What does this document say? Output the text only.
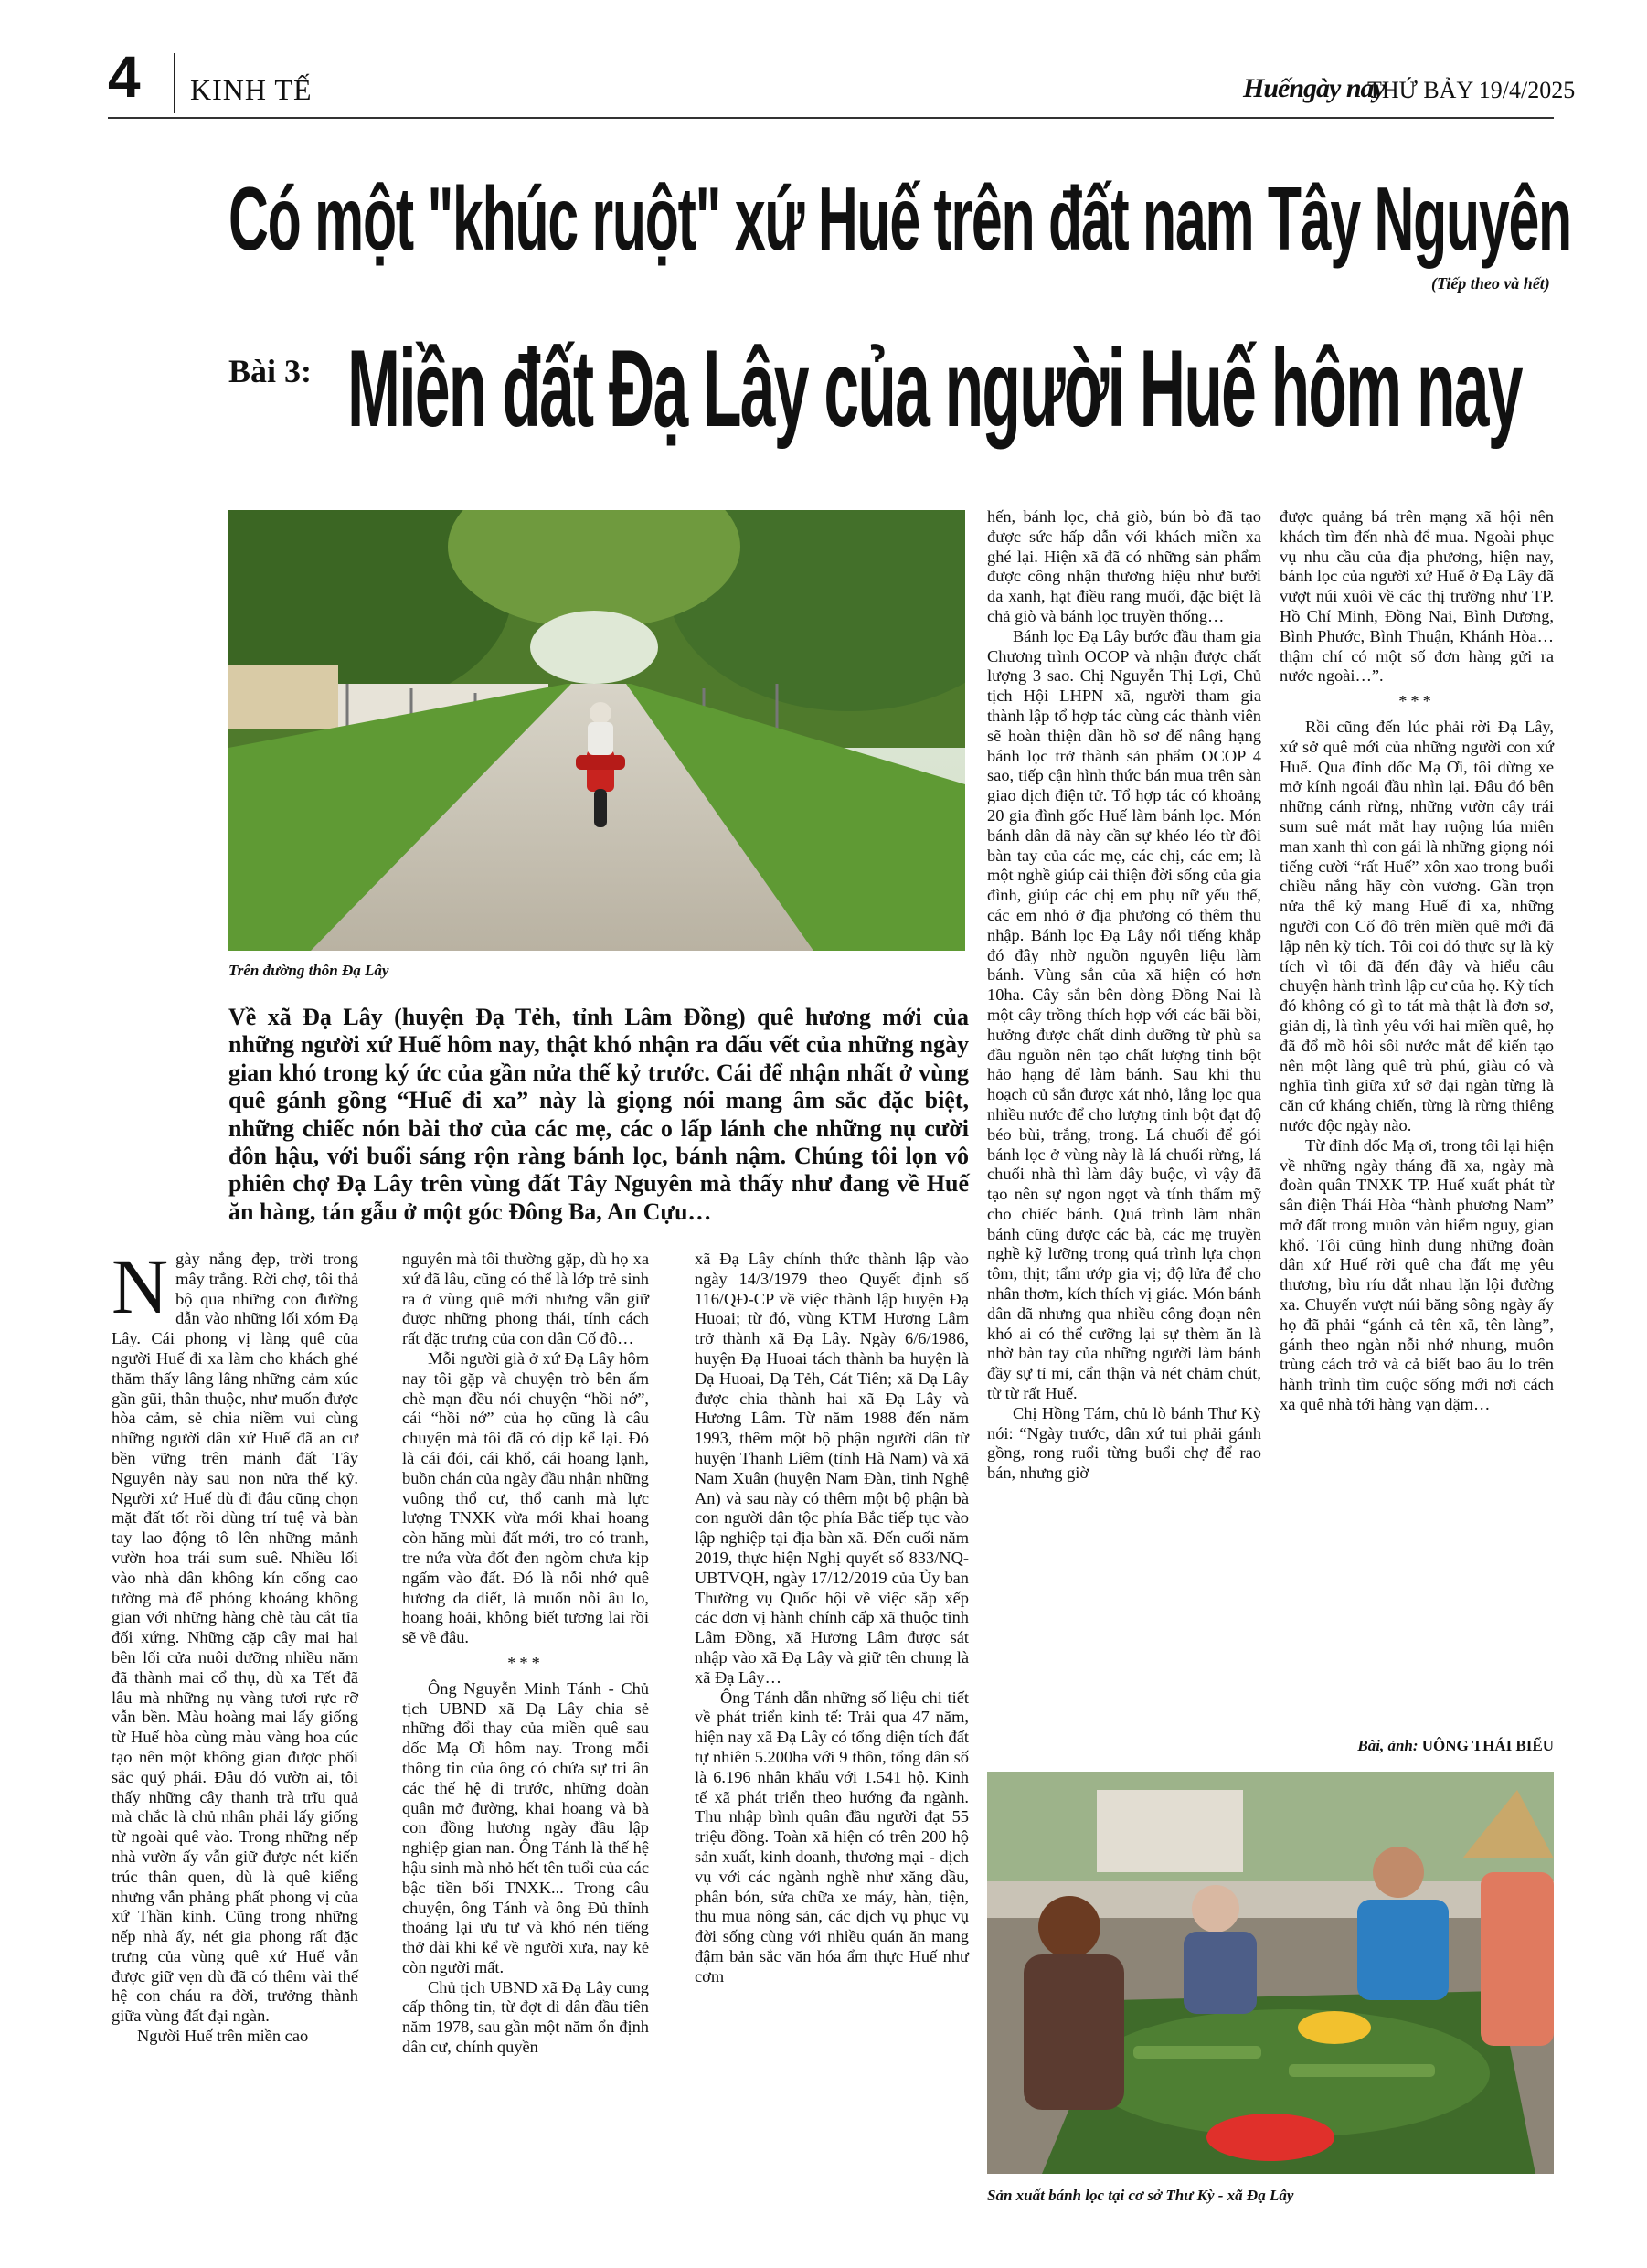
4 KINH TẾ	Huếngày nay
THỨ BẢY 19/4/2025
Có một "khúc ruột" xứ Huế trên đất nam Tây Nguyên
(Tiếp theo và hết)
Bài 3: Miền đất Đạ Lây của người Huế hôm nay
Trên đường thôn Đạ Lây
Về xã Đạ Lây (huyện Đạ Tẻh, tỉnh Lâm Đồng) quê hương mới của những người xứ Huế hôm nay, thật khó nhận ra dấu vết của những ngày gian khó trong ký ức của gần nửa thế kỷ trước. Cái để nhận nhất ở vùng quê gánh gồng “Huế đi xa” này là giọng nói mang âm sắc đặc biệt, những chiếc nón bài thơ của các mẹ, các o lấp lánh che những nụ cười đôn hậu, với buổi sáng rộn ràng bánh lọc, bánh nậm. Chúng tôi lọn vô phiên chợ Đạ Lây trên vùng đất Tây Nguyên mà thấy như đang về Huế ăn hàng, tán gẫu ở một góc Đông Ba, An Cựu…

Ngày nắng đẹp, trời trong mây trắng. Rời chợ, tôi thả bộ qua những con đường dẫn vào những lối xóm Đạ Lây. Cái phong vị làng quê của người Huế đi xa làm cho khách ghé thăm thấy lâng lâng những cảm xúc gần gũi, thân thuộc, như muốn được hòa cảm, sẻ chia niềm vui cùng những người dân xứ Huế đã an cư bền vững trên mảnh đất Tây Nguyên này sau non nửa thế kỷ. Người xứ Huế dù đi đâu cũng chọn mặt đất tốt rồi dùng trí tuệ và bàn tay lao động tô lên những mảnh vườn hoa trái sum suê. Nhiều lối vào nhà dân không kín cổng cao tường mà để phóng khoáng không gian với những hàng chè tàu cắt tỉa đối xứng. Những cặp cây mai hai bên lối cửa nuôi dưỡng nhiều năm đã thành mai cổ thụ, dù xa Tết đã lâu mà những nụ vàng tươi rực rỡ vẫn bền. Màu hoàng mai lấy giống từ Huế hòa cùng màu vàng hoa cúc tạo nên một không gian được phối sắc quý phái. Đâu đó vườn ai, tôi thấy những cây thanh trà trĩu quả mà chắc là chủ nhân phải lấy giống từ ngoài quê vào. Trong những nếp nhà vườn ấy vẫn giữ được nét kiến trúc thân quen, dù là quê kiểng nhưng vẫn phảng phất phong vị của xứ Thần kinh. Cũng trong những nếp nhà ấy, nét gia phong rất đặc trưng của vùng quê xứ Huế vẫn được giữ vẹn dù đã có thêm vài thế hệ con cháu ra đời, trưởng thành giữa vùng đất đại ngàn.

Người Huế trên miền cao

nguyên mà tôi thường gặp, dù họ xa xứ đã lâu, cũng có thể là lớp trẻ sinh ra ở vùng quê mới nhưng vẫn giữ được những phong thái, tính cách rất đặc trưng của con dân Cố đô…

Mỗi người già ở xứ Đạ Lây hôm nay tôi gặp và chuyện trò bên ấm chè mạn đều nói chuyện “hồi nớ”, cái “hồi nớ” của họ cũng là câu chuyện mà tôi đã có dịp kể lại. Đó là cái đói, cái khổ, cái hoang lạnh, buồn chán của ngày đầu nhận những vuông thổ cư, thổ canh mà lực lượng TNXK vừa mới khai hoang còn hăng mùi đất mới, tro có tranh, tre nứa vừa đốt đen ngòm chưa kịp ngấm vào đất. Đó là nỗi nhớ quê hương da diết, là muốn nỗi âu lo, hoang hoải, không biết tương lai rồi sẽ về đâu.

***

Ông Nguyễn Minh Tánh - Chủ tịch UBND xã Đạ Lây chia sẻ những đổi thay của miền quê sau dốc Mạ Ơi hôm nay. Trong mỗi thông tin của ông có chứa sự tri ân các thế hệ đi trước, những đoàn quân mở đường, khai hoang và bà con đồng hương ngày đầu lập nghiệp gian nan. Ông Tánh là thế hệ hậu sinh mà nhỏ hết tên tuổi của các bậc tiền bối TNXK... Trong câu chuyện, ông Tánh và ông Đủ thỉnh thoảng lại ưu tư và khó nén tiếng thở dài khi kể về người xưa, nay kẻ còn người mất.

Chủ tịch UBND xã Đạ Lây cung cấp thông tin, từ đợt di dân đầu tiên năm 1978, sau gần một năm ổn định dân cư, chính quyền

xã Đạ Lây chính thức thành lập vào ngày 14/3/1979 theo Quyết định số 116/QĐ-CP về việc thành lập huyện Đạ Huoai; từ đó, vùng KTM Hương Lâm trở thành xã Đạ Lây. Ngày 6/6/1986, huyện Đạ Huoai tách thành ba huyện là Đạ Huoai, Đạ Tẻh, Cát Tiên; xã Đạ Lây được chia thành hai xã Đạ Lây và Hương Lâm. Từ năm 1988 đến năm 1993, thêm một bộ phận người dân từ huyện Thanh Liêm (tỉnh Hà Nam) và xã Nam Xuân (huyện Nam Đàn, tỉnh Nghệ An) và sau này có thêm một bộ phận bà con người dân tộc phía Bắc tiếp tục vào lập nghiệp tại địa bàn xã. Đến cuối năm 2019, thực hiện Nghị quyết số 833/NQ-UBTVQH, ngày 17/12/2019 của Ủy ban Thường vụ Quốc hội về việc sắp xếp các đơn vị hành chính cấp xã thuộc tỉnh Lâm Đồng, xã Hương Lâm được sát nhập vào xã Đạ Lây và giữ tên chung là xã Đạ Lây…

Ông Tánh dẫn những số liệu chi tiết về phát triển kinh tế: Trải qua 47 năm, hiện nay xã Đạ Lây có tổng diện tích đất tự nhiên 5.200ha với 9 thôn, tổng dân số là 6.196 nhân khẩu với 1.541 hộ. Kinh tế xã phát triển theo hướng đa ngành. Thu nhập bình quân đầu người đạt 55 triệu đồng. Toàn xã hiện có trên 200 hộ sản xuất, kinh doanh, thương mại - dịch vụ với các ngành nghề như xăng dầu, phân bón, sửa chữa xe máy, hàn, tiện, thu mua nông sản, các dịch vụ phục vụ đời sống cùng với nhiều quán ăn mang đậm bản sắc văn hóa ẩm thực Huế như cơm

hến, bánh lọc, chả giò, bún bò đã tạo được sức hấp dẫn với khách miền xa ghé lại. Hiện xã đã có những sản phẩm được công nhận thương hiệu như bưởi da xanh, hạt điều rang muối, đặc biệt là chả giò và bánh lọc truyền thống…

Bánh lọc Đạ Lây bước đầu tham gia Chương trình OCOP và nhận được chất lượng 3 sao. Chị Nguyễn Thị Lợi, Chủ tịch Hội LHPN xã, người tham gia thành lập tổ hợp tác cùng các thành viên sẽ hoàn thiện dần hồ sơ để nâng hạng bánh lọc trở thành sản phẩm OCOP 4 sao, tiếp cận hình thức bán mua trên sàn giao dịch điện tử. Tổ hợp tác có khoảng 20 gia đình gốc Huế làm bánh lọc. Món bánh dân dã này cần sự khéo léo từ đôi bàn tay của các mẹ, các chị, các em; là một nghề giúp cải thiện đời sống của gia đình, giúp các chị em phụ nữ yếu thế, các em nhỏ ở địa phương có thêm thu nhập. Bánh lọc Đạ Lây nổi tiếng khắp đó đây nhờ nguồn nguyên liệu làm bánh. Vùng sắn của xã hiện có hơn 10ha. Cây sắn bên dòng Đồng Nai là một cây trồng thích hợp với các bãi bồi, hưởng được chất dinh dưỡng từ phù sa đầu nguồn nên tạo chất lượng tinh bột hảo hạng để làm bánh. Sau khi thu hoạch củ sắn được xát nhỏ, lắng lọc qua nhiều nước để cho lượng tinh bột đạt độ béo bùi, trắng, trong. Lá chuối để gói bánh lọc ở vùng này là lá chuối rừng, lá chuối nhà thì làm dây buộc, vì vậy đã tạo nên sự ngon ngọt và tính thẩm mỹ cho chiếc bánh. Quá trình làm nhân bánh cũng được các bà, các mẹ truyền nghề kỹ lưỡng trong quá trình lựa chọn tôm, thịt; tẩm ướp gia vị; độ lửa để cho nhân thơm, kích thích vị giác. Món bánh dân dã nhưng qua nhiều công đoạn nên khó ai có thể cưỡng lại sự thèm ăn là nhờ bàn tay của những người làm bánh đầy sự tỉ mỉ, cẩn thận và nét chăm chút, từ từ rất Huế.

Chị Hồng Tám, chủ lò bánh Thư Kỳ nói: “Ngày trước, dân xứ tui phải gánh gồng, rong ruổi từng buổi chợ để rao bán, nhưng giờ

được quảng bá trên mạng xã hội nên khách tìm đến nhà để mua. Ngoài phục vụ nhu cầu của địa phương, hiện nay, bánh lọc của người xứ Huế ở Đạ Lây đã vượt núi xuôi về các thị trường như TP. Hồ Chí Minh, Đồng Nai, Bình Dương, Bình Phước, Bình Thuận, Khánh Hòa… thậm chí có một số đơn hàng gửi ra nước ngoài…”.

***

Rồi cũng đến lúc phải rời Đạ Lây, xứ sở quê mới của những người con xứ Huế. Qua đỉnh dốc Mạ Ơi, tôi dừng xe mở kính ngoái đầu nhìn lại. Đâu đó bên những cánh rừng, những vườn cây trái sum suê mát mắt hay ruộng lúa miên man xanh thì con gái là những giọng nói tiếng cười “rất Huế” xôn xao trong buổi chiều nắng hãy còn vương. Gần trọn nửa thế kỷ mang Huế đi xa, những người con Cố đô trên miền quê mới đã lập nên kỳ tích. Tôi coi đó thực sự là kỳ tích vì tôi đã đến đây và hiểu câu chuyện hành trình lập cư của họ. Kỳ tích đó không có gì to tát mà thật là đơn sơ, giản dị, là tình yêu với hai miền quê, họ đã đổ mồ hôi sôi nước mắt để kiến tạo nên một làng quê trù phú, giàu có và nghĩa tình giữa xứ sở đại ngàn từng là căn cứ kháng chiến, từng là rừng thiêng nước độc ngày nào.

Từ đỉnh dốc Mạ ơi, trong tôi lại hiện về những ngày tháng đã xa, ngày mà đoàn quân TNXK TP. Huế xuất phát từ sân điện Thái Hòa “hành phương Nam” mở đất trong muôn vàn hiểm nguy, gian khổ. Tôi cũng hình dung những đoàn dân xứ Huế rời quê cha đất mẹ yêu thương, bìu ríu dắt nhau lặn lội đường xa. Chuyến vượt núi băng sông ngày ấy họ đã phải “gánh cả tên xã, tên làng”, gánh theo ngàn nỗi nhớ nhung, muôn trùng cách trở và cả biết bao âu lo trên hành trình tìm cuộc sống mới nơi cách xa quê nhà tới hàng vạn dặm…

Bài, ảnh: UÔNG THÁI BIỂU
Sản xuất bánh lọc tại cơ sở Thư Kỳ - xã Đạ Lây
